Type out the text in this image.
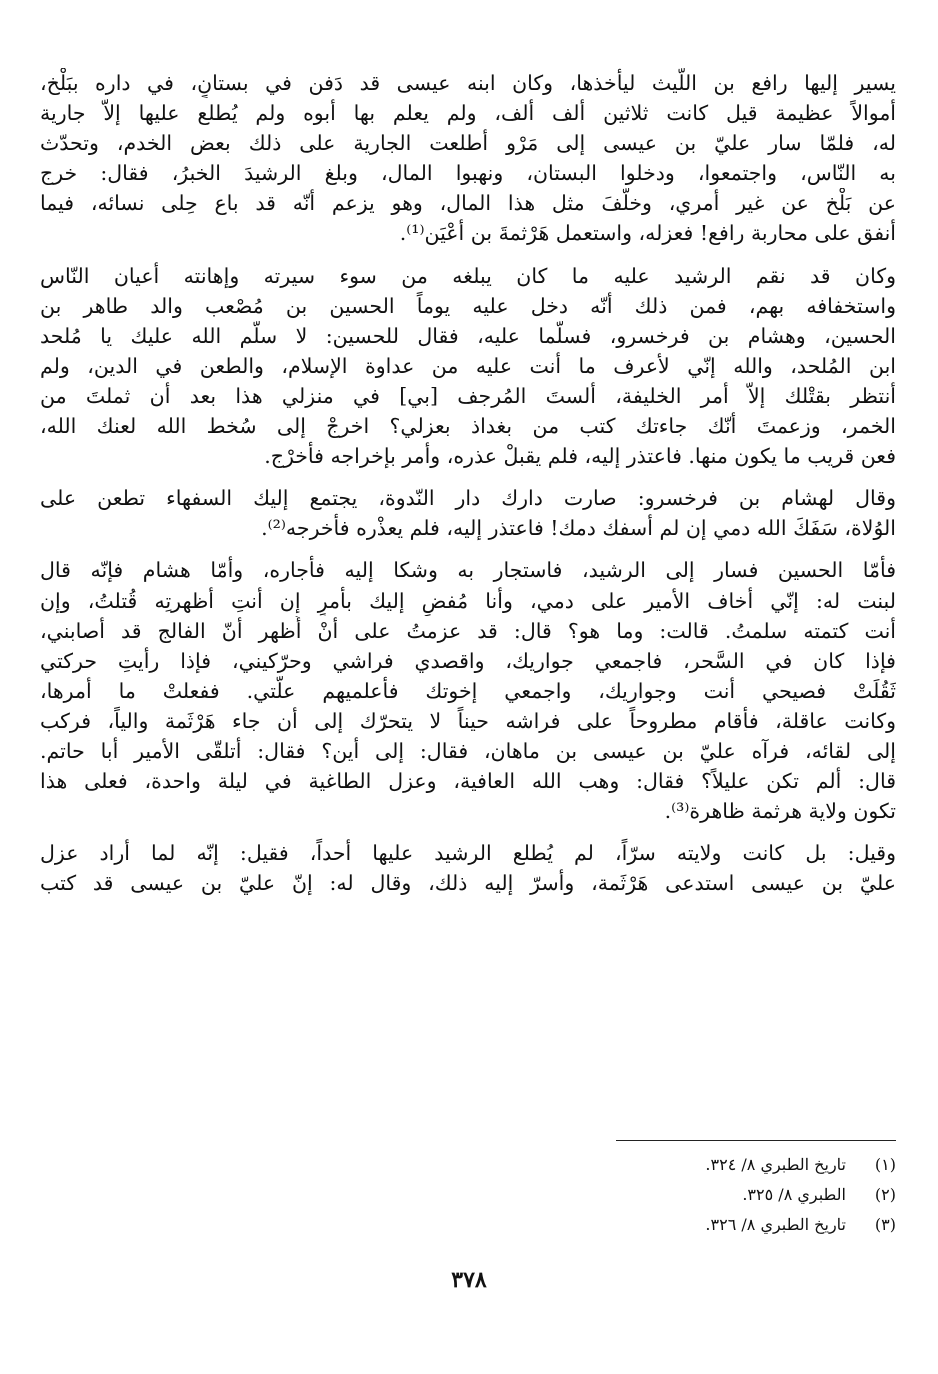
يسير إليها رافع بن اللّيث ليأخذها، وكان ابنه عيسى قد دَفن في بستانٍ، في داره ببَلْخ،
أموالاً عظيمة قيل كانت ثلاثين ألف ألف، ولم يعلم بها أبوه ولم يُطلع عليها إلاّ جارية
له، فلمّا سار عليّ بن عيسى إلى مَرْو أطلعت الجارية على ذلك بعض الخدم، وتحدّث
به النّاس، واجتمعوا، ودخلوا البستان، ونهبوا المال، وبلغ الرشيدَ الخبرُ، فقال: خرج
عن بَلْخ عن غير أمري، وخلّفَ مثل هذا المال، وهو يزعم أنّه قد باع حِلى نسائه، فيما
أنفق على محاربة رافع! فعزله، واستعمل هَرْثمةَ بن أعْيَن⁽¹⁾.
وكان قد نقم الرشيد عليه ما كان يبلغه من سوء سيرته وإهانته أعيان النّاس
واستخفافه بهم، فمن ذلك أنّه دخل عليه يوماً الحسين بن مُصْعب والد طاهر بن
الحسين، وهشام بن فرخسرو، فسلّما عليه، فقال للحسين: لا سلّم الله عليك يا مُلحد
ابن المُلحد، والله إنّي لأعرف ما أنت عليه من عداوة الإسلام، والطعن في الدين، ولم
أنتظر بقتْلك إلاّ أمر الخليفة، ألستَ المُرجف [بي] في منزلي هذا بعد أن ثملتَ من
الخمر، وزعمتَ أنّك جاءتك كتب من بغداذ بعزلي؟ اخرجْ إلى سُخط الله لعنك الله،
فعن قريب ما يكون منها. فاعتذر إليه، فلم يقبلْ عذره، وأمر بإخراجه فأُخرْج.
وقال لهشام بن فرخسرو: صارت دارك دار النّدوة، يجتمع إليك السفهاء تطعن على
الوُلاة، سَفَكَ الله دمي إن لم أسفك دمك! فاعتذر إليه، فلم يعذْره فأخرجه⁽²⁾.
فأمّا الحسين فسار إلى الرشيد، فاستجار به وشكا إليه فأجاره، وأمّا هشام فإنّه قال
لبنت له: إنّي أخاف الأمير على دمي، وأنا مُفضٍ إليك بأمرٍ إن أنتِ أظهرتِه قُتلتُ، وإن
أنت كتمته سلمتُ. قالت: وما هو؟ قال: قد عزمتُ على أنْ أُظهر أنّ الفالج قد أصابني،
فإذا كان في السَّحر، فاجمعي جواريك، واقصدي فراشي وحرّكيني، فإذا رأيتِ حركتي
ثَقُلَتْ فصيحي أنت وجواريك، واجمعي إخوتك فأعلميهم علّتي. ففعلتْ ما أمرها،
وكانت عاقلة، فأقام مطروحاً على فراشه حيناً لا يتحرّك إلى أن جاء هَرْثَمة والياً، فركب
إلى لقائه، فرآه عليّ بن عيسى بن ماهان، فقال: إلى أين؟ فقال: أتلقّى الأمير أبا حاتم.
قال: ألم تكن عليلاً؟ فقال: وهب الله العافية، وعزل الطاغية في ليلة واحدة، فعلى هذا
تكون ولاية هرثمة ظاهرة⁽³⁾.
وقيل: بل كانت ولايته سرّاً، لم يُطلع الرشيد عليها أحداً، فقيل: إنّه لما أراد عزل
عليّ بن عيسى استدعى هَرْثَمة، وأسرّ إليه ذلك، وقال له: إنّ عليّ بن عيسى قد كتب
(١)
تاريخ الطبري ٨/ ٣٢٤.
(٢)
الطبري ٨/ ٣٢٥.
(٣)
تاريخ الطبري ٨/ ٣٢٦.
٣٧٨
